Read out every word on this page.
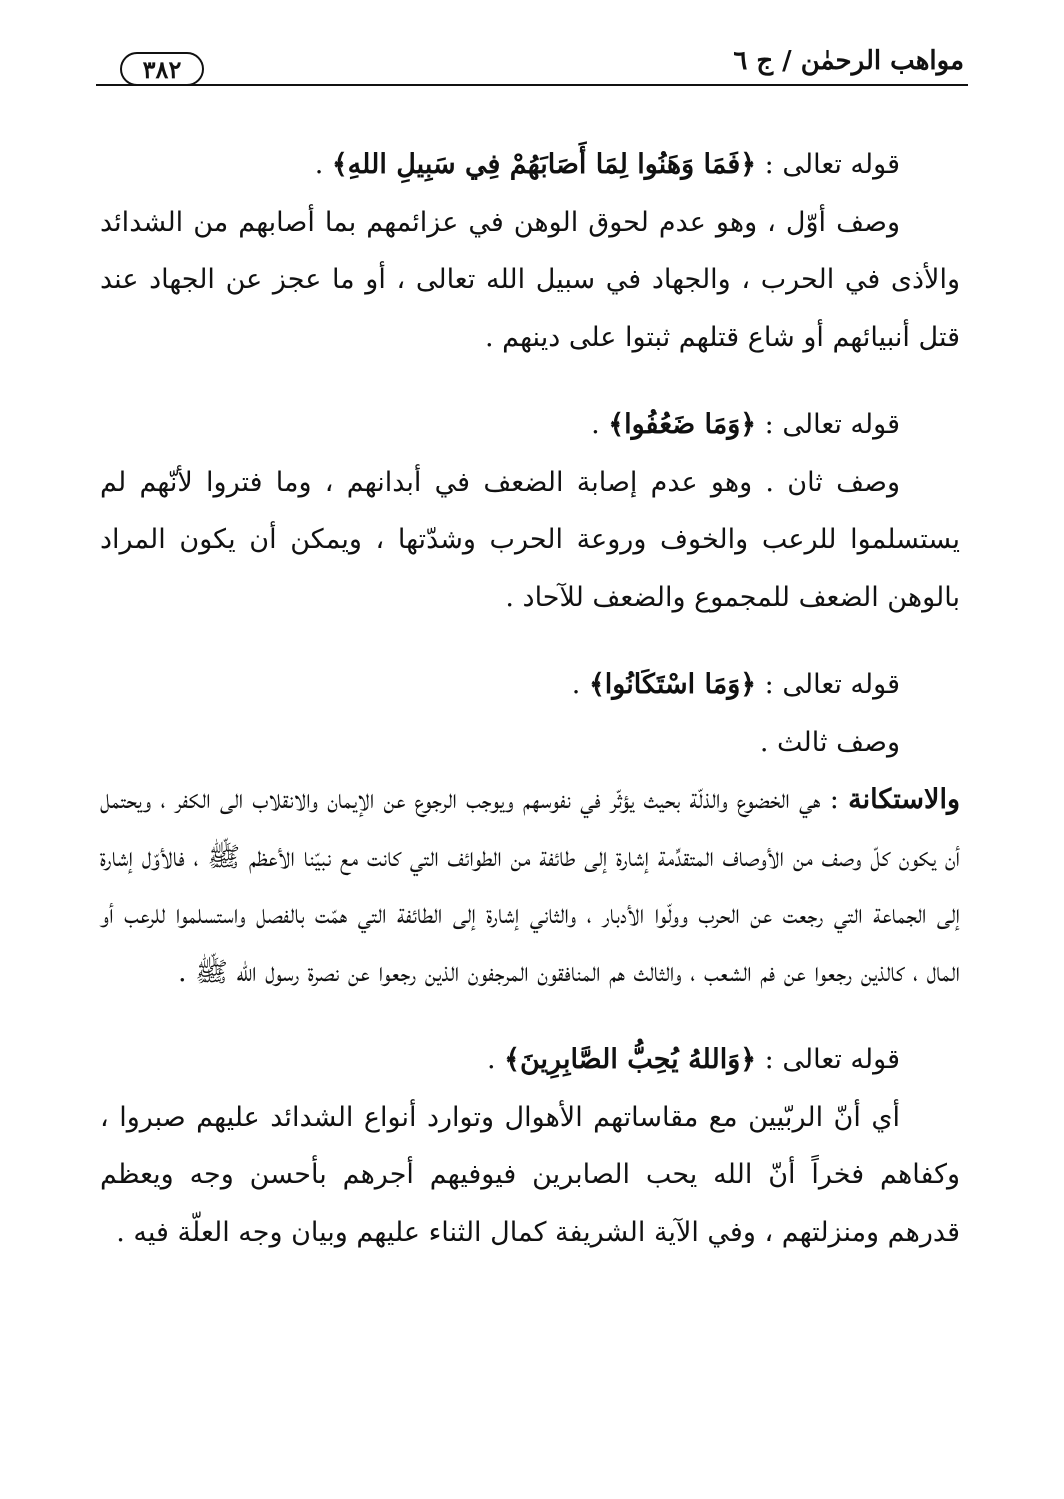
مواهب الرحمٰن / ج ٦
٣٨٢
قوله تعالى : ﴿فَمَا وَهَنُوا لِمَا أَصَابَهُمْ فِي سَبِيلِ اللهِ﴾ .
وصف أوّل ، وهو عدم لحوق الوهن في عزائمهم بما أصابهم من الشدائد والأذى في الحرب ، والجهاد في سبيل الله تعالى ، أو ما عجز عن الجهاد عند قتل أنبيائهم أو شاع قتلهم ثبتوا على دينهم .
قوله تعالى : ﴿وَمَا ضَعُفُوا﴾ .
وصف ثان . وهو عدم إصابة الضعف في أبدانهم ، وما فتروا لأنّهم لم يستسلموا للرعب والخوف وروعة الحرب وشدّتها ، ويمكن أن يكون المراد بالوهن الضعف للمجموع والضعف للآحاد .
قوله تعالى : ﴿وَمَا اسْتَكَانُوا﴾ .
وصف ثالث .
والاستكانة : هي الخضوع والذلّة بحيث يؤثّر في نفوسهم ويوجب الرجوع عن الإيمان والانقلاب الى الكفر ، ويحتمل أن يكون كلّ وصف من الأوصاف المتقدِّمة إشارة إلى طائفة من الطوائف التي كانت مع نبيّنا الأعظم ﷺ ، فالأوّل إشارة إلى الجماعة التي رجعت عن الحرب وولّوا الأدبار ، والثاني إشارة إلى الطائفة التي همّت بالفصل واستسلموا للرعب أو المال ، كالذين رجعوا عن فم الشعب ، والثالث هم المنافقون المرجفون الذين رجعوا عن نصرة رسول الله ﷺ .
قوله تعالى : ﴿وَاللهُ يُحِبُّ الصَّابِرِينَ﴾ .
أي أنّ الربّيين مع مقاساتهم الأهوال وتوارد أنواع الشدائد عليهم صبروا ، وكفاهم فخراً أنّ الله يحب الصابرين فيوفيهم أجرهم بأحسن وجه ويعظم قدرهم ومنزلتهم ، وفي الآية الشريفة كمال الثناء عليهم وبيان وجه العلّة فيه .
